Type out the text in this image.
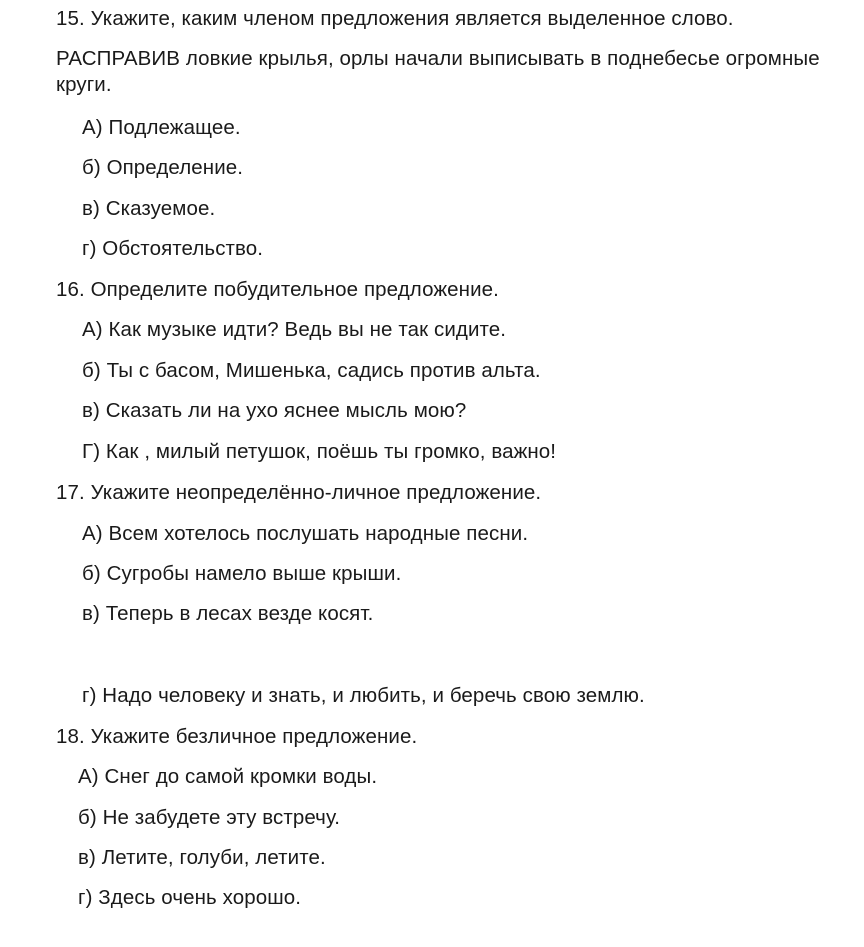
15. Укажите, каким членом предложения является выделенное слово.
РАСПРАВИВ ловкие крылья, орлы начали выписывать в поднебесье огромные
круги.
А) Подлежащее.
б) Определение.
в) Сказуемое.
г) Обстоятельство.
16. Определите побудительное предложение.
А) Как музыке идти? Ведь вы не так сидите.
б) Ты с басом, Мишенька, садись против альта.
в) Сказать ли на ухо яснее мысль мою?
Г) Как , милый петушок, поёшь ты громко, важно!
17. Укажите неопределённо-личное предложение.
А) Всем хотелось послушать народные песни.
б) Сугробы намело выше крыши.
в) Теперь в лесах везде косят.
г) Надо человеку и знать, и любить, и беречь свою землю.
18. Укажите безличное предложение.
А) Снег до самой кромки воды.
б) Не забудете эту встречу.
в) Летите, голуби, летите.
г) Здесь очень хорошо.
